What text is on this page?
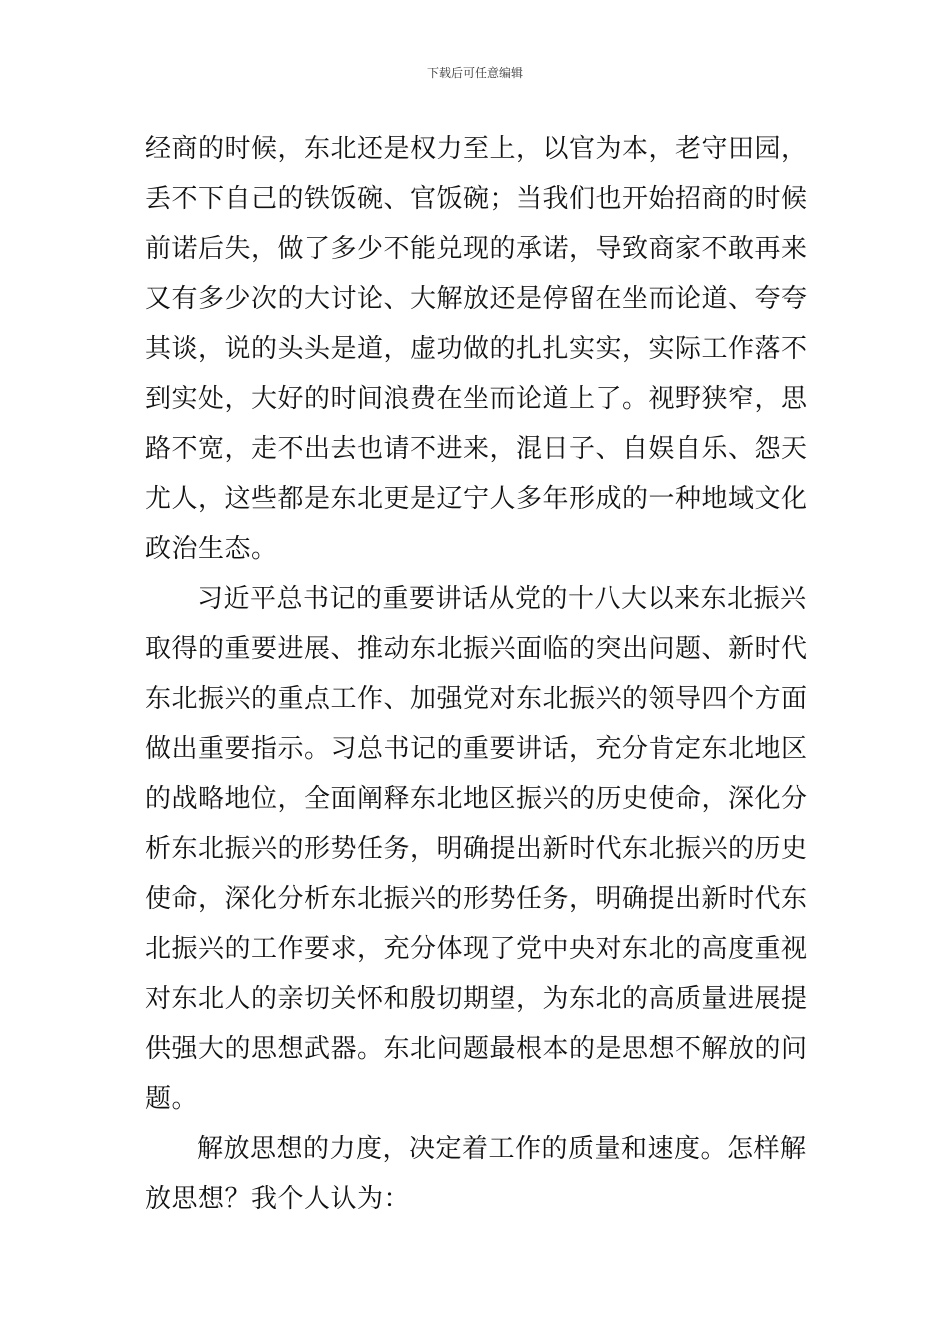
下载后可任意编辑

经商的时候，东北还是权力至上，以官为本，老守田园，
丢不下自己的铁饭碗、官饭碗；当我们也开始招商的时候
前诺后失，做了多少不能兑现的承诺，导致商家不敢再来
又有多少次的大讨论、大解放还是停留在坐而论道、夸夸
其谈，说的头头是道，虚功做的扎扎实实，实际工作落不
到实处，大好的时间浪费在坐而论道上了。视野狭窄，思
路不宽，走不出去也请不进来，混日子、自娱自乐、怨天
尤人，这些都是东北更是辽宁人多年形成的一种地域文化
政治生态。

习近平总书记的重要讲话从党的十八大以来东北振兴
取得的重要进展、推动东北振兴面临的突出问题、新时代
东北振兴的重点工作、加强党对东北振兴的领导四个方面
做出重要指示。习总书记的重要讲话，充分肯定东北地区
的战略地位，全面阐释东北地区振兴的历史使命，深化分
析东北振兴的形势任务，明确提出新时代东北振兴的历史
使命，深化分析东北振兴的形势任务，明确提出新时代东
北振兴的工作要求，充分体现了党中央对东北的高度重视
对东北人的亲切关怀和殷切期望，为东北的高质量进展提
供强大的思想武器。东北问题最根本的是思想不解放的问
题。

解放思想的力度，决定着工作的质量和速度。怎样解
放思想？我个人认为：
